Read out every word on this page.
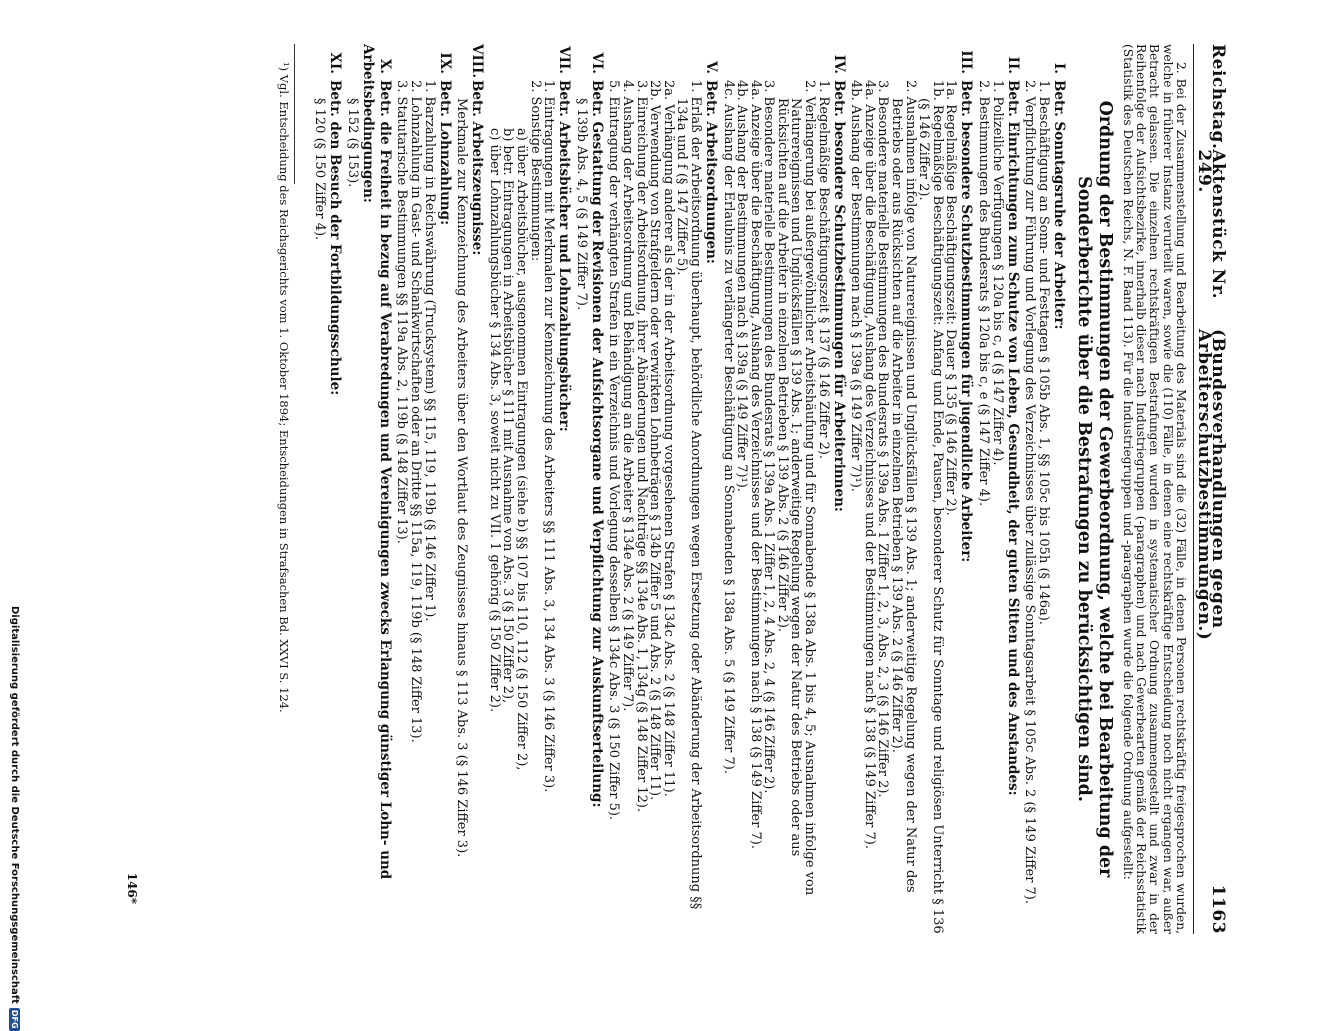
Reichstag.
Aktenstück Nr. 249.
(Bundesverhandlungen gegen Arbeiterschutzbestimmungen.)
1163

2. Bei der Zusammenstellung und Bearbeitung des Materials sind die (32) Fälle, in denen Personen rechtskräftig freigesprochen wurden, welche in früherer Instanz verurteilt waren, sowie die (110) Fälle, in denen eine rechtskräftige Entscheidung noch nicht ergangen war, außer Betracht gelassen. Die einzelnen rechtskräftigen Bestrafungen wurden in systematischer Ordnung zusammengestellt und zwar in der Reihenfolge der Aufsichtsbezirke, innerhalb dieser nach Industriegruppen (-paragraphen) und nach Gewerbearten gemäß der Reichsstatistik (Statistik des Deutschen Reichs, N. F. Band 113). Für die Industriegruppen und -paragraphen wurde die folgende Ordnung aufgestellt:

Ordnung der Bestimmungen der Gewerbeordnung, welche bei Bearbeitung der Sonderberichte über die Bestrafungen zu berücksichtigen sind.
I.Betr. Sonntagsruhe der Arbeiter:

1. Beschäftigung an Sonn- und Festtagen § 105b Abs. 1, §§ 105c bis 105h (§ 146a).

2. Verpflichtung zur Führung und Vorlegung des Verzeichnisses über zulässige Sonntagsarbeit § 105c Abs. 2 (§ 149 Ziffer 7).

II.Betr. Einrichtungen zum Schutze von Leben, Gesundheit, der guten Sitten und des Anstandes:

1. Polizeiliche Verfügungen § 120a bis c, d (§ 147 Ziffer 4).

2. Bestimmungen des Bundesrats § 120a bis c, e (§ 147 Ziffer 4).

III.Betr. besondere Schutzbestimmungen für jugendliche Arbeiter:

1a. Regelmäßige Beschäftigungszeit: Dauer § 135 (§ 146 Ziffer 2).

1b. Regelmäßige Beschäftigungszeit: Anfang und Ende, Pausen, besonderer Schutz für Sonntage und religiösen Unterricht § 136 (§ 146 Ziffer 2).

2. Ausnahmen infolge von Naturereignissen und Unglücksfällen § 139 Abs. 1; anderweitige Regelung wegen der Natur des Betriebs oder aus Rücksichten auf die Arbeiter in einzelnen Betrieben § 139 Abs. 2 (§ 146 Ziffer 2).

3. Besondere materielle Bestimmungen des Bundesrats § 139a Abs. 1 Ziffer 1, 2, 3, Abs. 2, 3 (§ 146 Ziffer 2).

4a. Anzeige über die Beschäftigung, Aushang des Verzeichnisses und der Bestimmungen nach § 138 (§ 149 Ziffer 7).

4b. Aushang der Bestimmungen nach § 139a (§ 149 Ziffer 7)¹).

IV.Betr. besondere Schutzbestimmungen für Arbeiterinnen:

1. Regelmäßige Beschäftigungszeit § 137 (§ 146 Ziffer 2).

2. Verlängerung bei außergewöhnlicher Arbeitshäufung und für Sonnabende § 138a Abs. 1 bis 4, 5; Ausnahmen infolge von Naturereignissen und Unglücksfällen § 139 Abs. 1; anderweitige Regelung wegen der Natur des Betriebs oder aus Rücksichten auf die Arbeiter in einzelnen Betrieben § 139 Abs. 2 (§ 146 Ziffer 2).

3. Besondere materielle Bestimmungen des Bundesrats § 139a Abs. 1 Ziffer 1, 2, 4 Abs. 2, 4 (§ 146 Ziffer 2).

4a. Anzeige über die Beschäftigung, Aushang des Verzeichnisses und der Bestimmungen nach § 138 (§ 149 Ziffer 7).

4b. Aushang der Bestimmungen nach § 139a (§ 149 Ziffer 7)¹).

4c. Aushang der Erlaubnis zu verlängerter Beschäftigung an Sonnabenden § 138a Abs. 5 (§ 149 Ziffer 7).

V.Betr. Arbeitsordnungen:

1. Erlaß der Arbeitsordnung überhaupt, behördliche Anordnungen wegen Ersetzung oder Abänderung der Arbeitsordnung §§ 134a und f (§ 147 Ziffer 5).

2a. Verhängung anderer als der in der Arbeitsordnung vorgesehenen Strafen § 134c Abs. 2 (§ 148 Ziffer 11).

2b. Verwendung von Strafgeldern oder verwirkten Lohnbeträgen § 134b Ziffer 5 und Abs. 2 (§ 148 Ziffer 11).

3. Einreichung der Arbeitsordnung, ihrer Abänderungen und Nachträge §§ 134e Abs. 1, 134g (§ 148 Ziffer 12).

4. Aushang der Arbeitsordnung und Behändigung an die Arbeiter § 134e Abs. 2 (§ 149 Ziffer 7).

5. Eintragung der verhängten Strafen in ein Verzeichnis und Vorlegung desselben § 134c Abs. 3 (§ 150 Ziffer 5).

VI.Betr. Gestattung der Revisionen der Aufsichtsorgane und Verpflichtung zur Auskunftserteilung:

§ 139b Abs. 4, 5 (§ 149 Ziffer 7).

VII.Betr. Arbeitsbücher und Lohnzahlungsbücher:

1. Eintragungen mit Merkmalen zur Kennzeichnung des Arbeiters §§ 111 Abs. 3, 134 Abs. 3 (§ 146 Ziffer 3).

2. Sonstige Bestimmungen:

a) über Arbeitsbücher, ausgenommen Eintragungen (siehe b) §§ 107 bis 110, 112 (§ 150 Ziffer 2),

b) betr. Eintragungen in Arbeitsbücher § 111 mit Ausnahme von Abs. 3 (§ 150 Ziffer 2),

c) über Lohnzahlungsbücher § 134 Abs. 3, soweit nicht zu VII. 1 gehörig (§ 150 Ziffer 2).

VIII.Betr. Arbeitszeugnisse:

Merkmale zur Kennzeichnung des Arbeiters über den Wortlaut des Zeugnisses hinaus § 113 Abs. 3 (§ 146 Ziffer 3).

IX.Betr. Lohnzahlung:

1. Barzahlung in Reichswährung (Trucksystem) §§ 115, 119, 119b (§ 146 Ziffer 1).

2. Lohnzahlung in Gast- und Schankwirtschaften oder an Dritte §§ 115a, 119, 119b (§ 148 Ziffer 13).

3. Statutarische Bestimmungen §§ 119a Abs. 2, 119b (§ 148 Ziffer 13).

X.Betr. die Freiheit in bezug auf Verabredungen und Vereinigungen zwecks Erlangung günstiger Lohn- und Arbeitsbedingungen:

§ 152 (§ 153).

XI.Betr. den Besuch der Fortbildungsschule:

§ 120 (§ 150 Ziffer 4).

¹) Vgl. Entscheidung des Reichsgerichts vom 1. Oktober 1894; Entscheidungen in Strafsachen Bd. XXVI S. 124.
146*
Digitalisierung gefördert durch die Deutsche Forschungsgemeinschaft
DFG
